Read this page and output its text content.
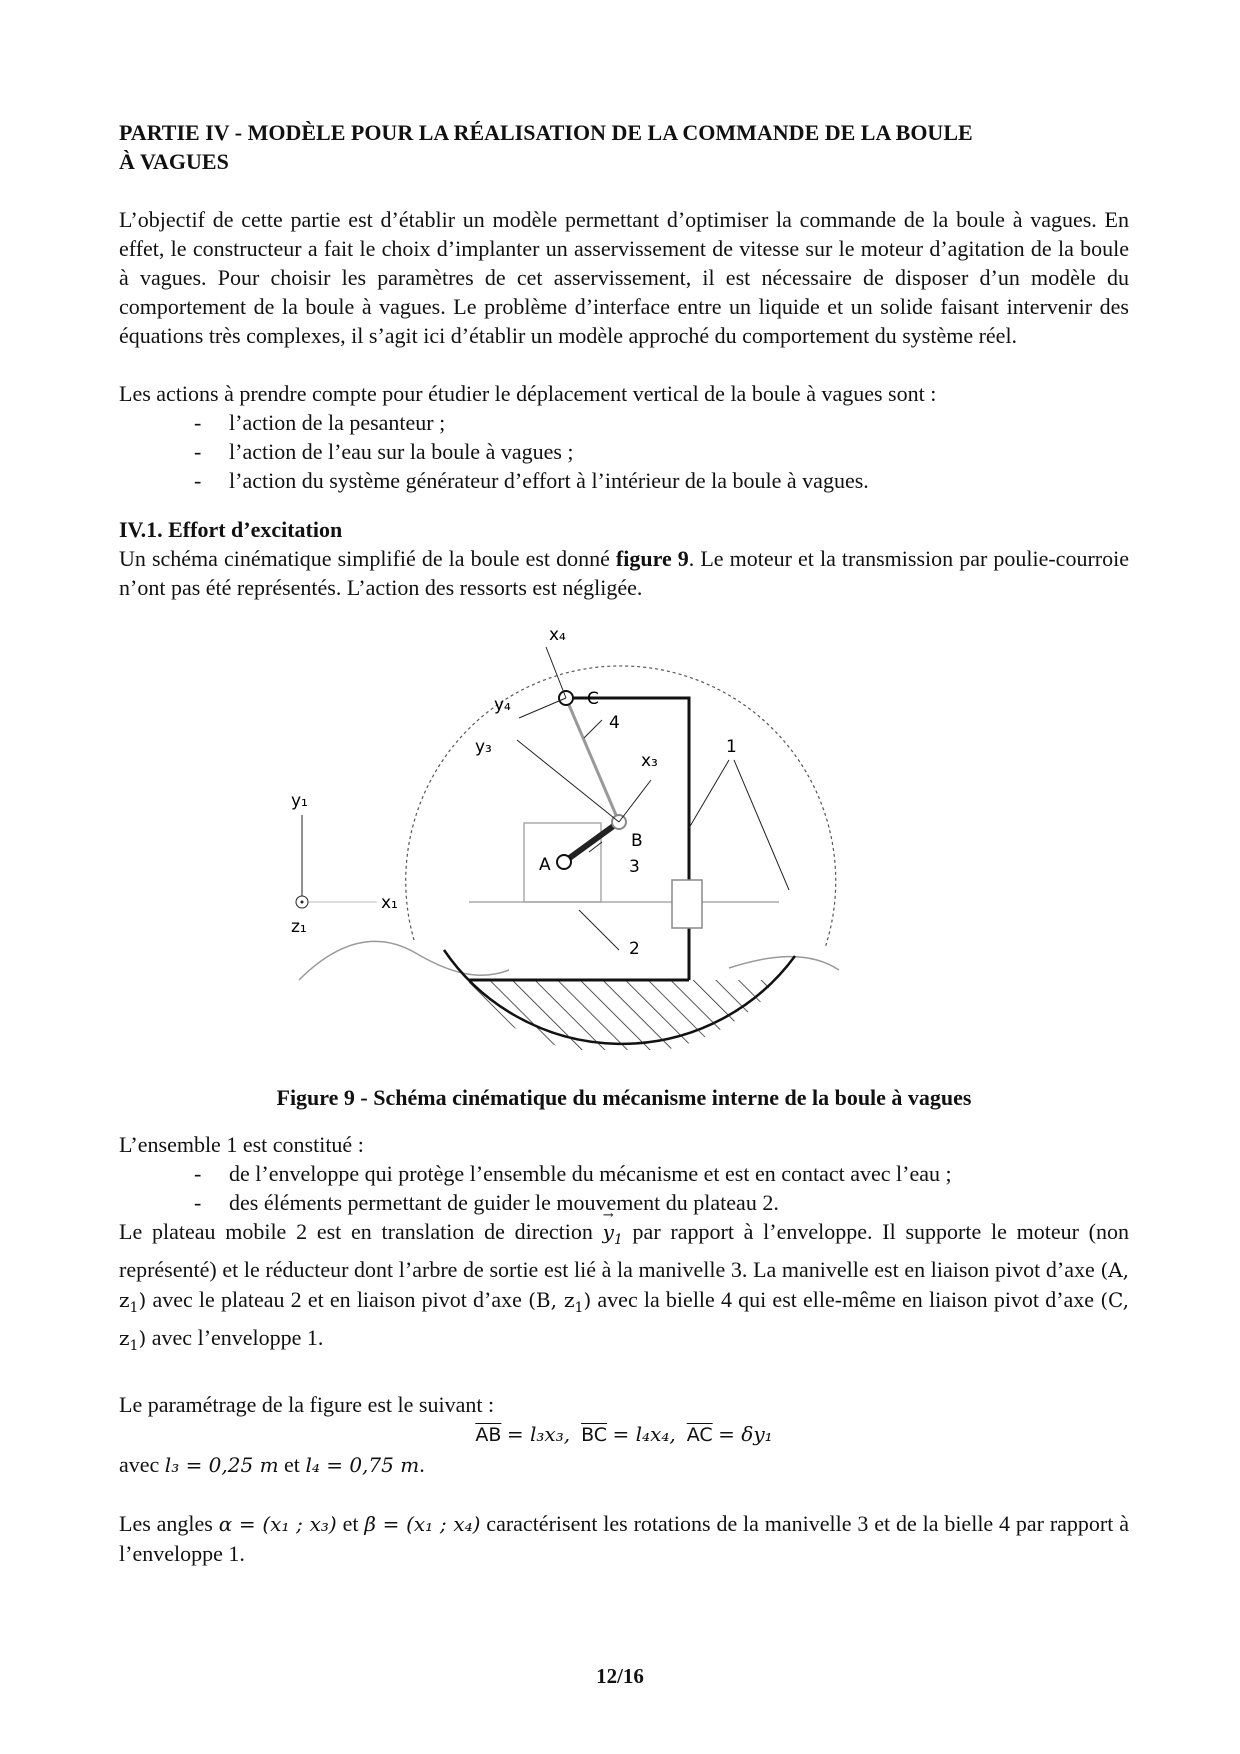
PARTIE IV - MODÈLE POUR LA RÉALISATION DE LA COMMANDE DE LA BOULE
À VAGUES

L’objectif de cette partie est d’établir un modèle permettant d’optimiser la commande de la boule à vagues. En effet, le constructeur a fait le choix d’implanter un asservissement de vitesse sur le moteur d’agitation de la boule à vagues. Pour choisir les paramètres de cet asservissement, il est nécessaire de disposer d’un modèle du comportement de la boule à vagues. Le problème d’interface entre un liquide et un solide faisant intervenir des équations très complexes, il s’agit ici d’établir un modèle approché du comportement du système réel.

Les actions à prendre compte pour étudier le déplacement vertical de la boule à vagues sont :

- l’action de la pesanteur ;
- l’action de l’eau sur la boule à vagues ;
- l’action du système générateur d’effort à l’intérieur de la boule à vagues.
IV.1. Effort d’excitation

Un schéma cinématique simplifié de la boule est donné figure 9. Le moteur et la transmission par poulie-courroie n’ont pas été représentés. L’action des ressorts est négligée.

x₄
y₄	C
4
y₃
x₃
1
B
A	3
2
y₁
x₁
z₁
Figure 9 - Schéma cinématique du mécanisme interne de la boule à vagues

L’ensemble 1 est constitué :

- de l’enveloppe qui protège l’ensemble du mécanisme et est en contact avec l’eau ;
- des éléments permettant de guider le mouvement du plateau 2.

Le plateau mobile 2 est en translation de direction → $y_1$ par rapport à l’enveloppe. Il supporte le moteur (non représenté) et le réducteur dont l’arbre de sortie est lié à la manivelle 3. La manivelle est en liaison pivot d’axe (A, $z_1$) avec le plateau 2 et en liaison pivot d’axe (B, $z_1$) avec la bielle 4 qui est elle-même en liaison pivot d’axe (C, $z_1$) avec l’enveloppe 1.

Le paramétrage de la figure est le suivant :

$\overline{AB} = l_3x_3$, $\overline{BC} = l_4x_4$, $\overline{AC} = \delta y_1$

avec l₃ = 0,25 m et l₄ = 0,75 m.

Les angles α = (x₁ ; x₃) et β = (x₁ ; x₄) caractérisent les rotations de la manivelle 3 et de la bielle 4 par rapport à l’enveloppe 1.

12/16
